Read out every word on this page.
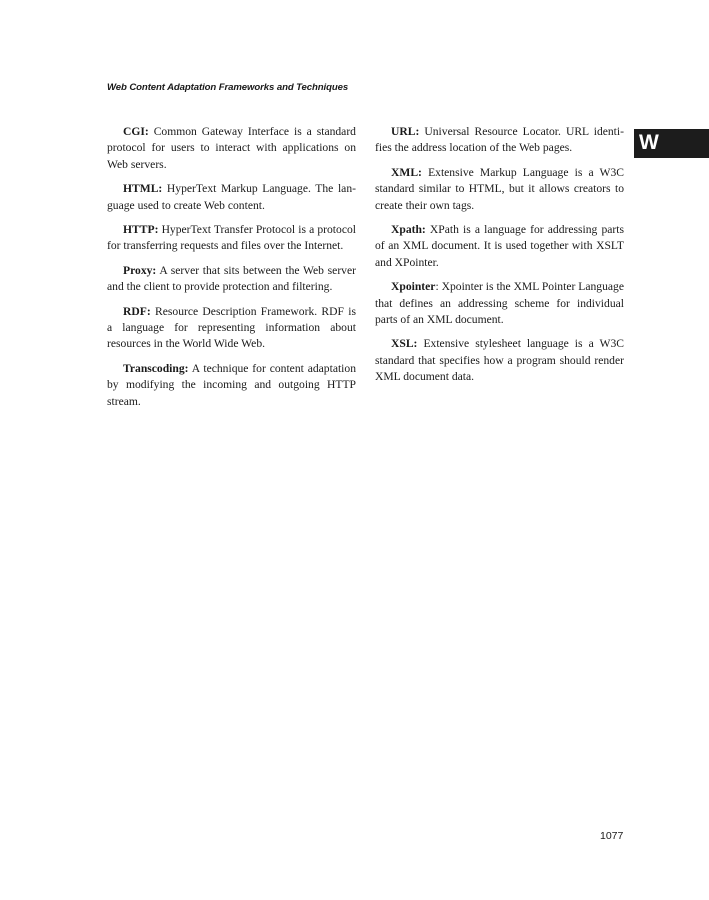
Web Content Adaptation Frameworks and Techniques
W

CGI: Common Gateway Interface is a standard protocol for users to interact with applications on Web servers.

HTML: HyperText Markup Language. The language used to create Web content.

HTTP: HyperText Transfer Protocol is a protocol for transferring requests and files over the Internet.

Proxy: A server that sits between the Web server and the client to provide protection and filtering.

RDF: Resource Description Framework. RDF is a language for representing information about resources in the World Wide Web.

Transcoding: A technique for content adaptation by modifying the incoming and outgoing HTTP stream.

URL: Universal Resource Locator. URL identifies the address location of the Web pages.

XML: Extensive Markup Language is a W3C standard similar to HTML, but it allows creators to create their own tags.

Xpath: XPath is a language for addressing parts of an XML document. It is used together with XSLT and XPointer.

Xpointer: Xpointer is the XML Pointer Language that defines an addressing scheme for individual parts of an XML document.

XSL: Extensive stylesheet language is a W3C standard that specifies how a program should render XML document data.

1077
